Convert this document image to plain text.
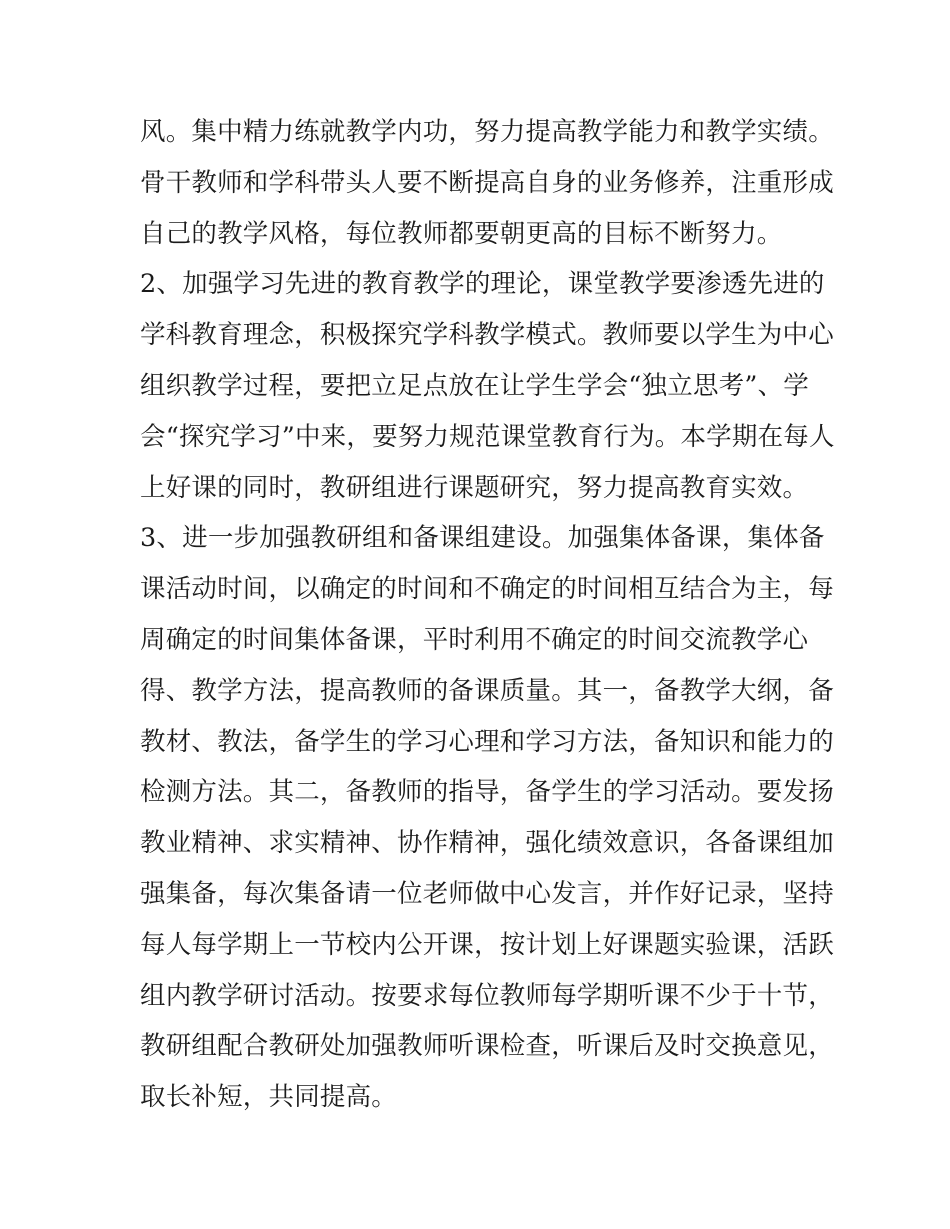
风。集中精力练就教学内功，努力提高教学能力和教学实绩。
骨干教师和学科带头人要不断提高自身的业务修养，注重形成
自己的教学风格，每位教师都要朝更高的目标不断努力。
2、加强学习先进的教育教学的理论，课堂教学要渗透先进的
学科教育理念，积极探究学科教学模式。教师要以学生为中心
组织教学过程，要把立足点放在让学生学会“独立思考”、学
会“探究学习”中来，要努力规范课堂教育行为。本学期在每人
上好课的同时，教研组进行课题研究，努力提高教育实效。
3、进一步加强教研组和备课组建设。加强集体备课，集体备
课活动时间，以确定的时间和不确定的时间相互结合为主，每
周确定的时间集体备课，平时利用不确定的时间交流教学心
得、教学方法，提高教师的备课质量。其一，备教学大纲，备
教材、教法，备学生的学习心理和学习方法，备知识和能力的
检测方法。其二，备教师的指导，备学生的学习活动。要发扬
教业精神、求实精神、协作精神，强化绩效意识，各备课组加
强集备，每次集备请一位老师做中心发言，并作好记录，坚持
每人每学期上一节校内公开课，按计划上好课题实验课，活跃
组内教学研讨活动。按要求每位教师每学期听课不少于十节，
教研组配合教研处加强教师听课检查，听课后及时交换意见，
取长补短，共同提高。
